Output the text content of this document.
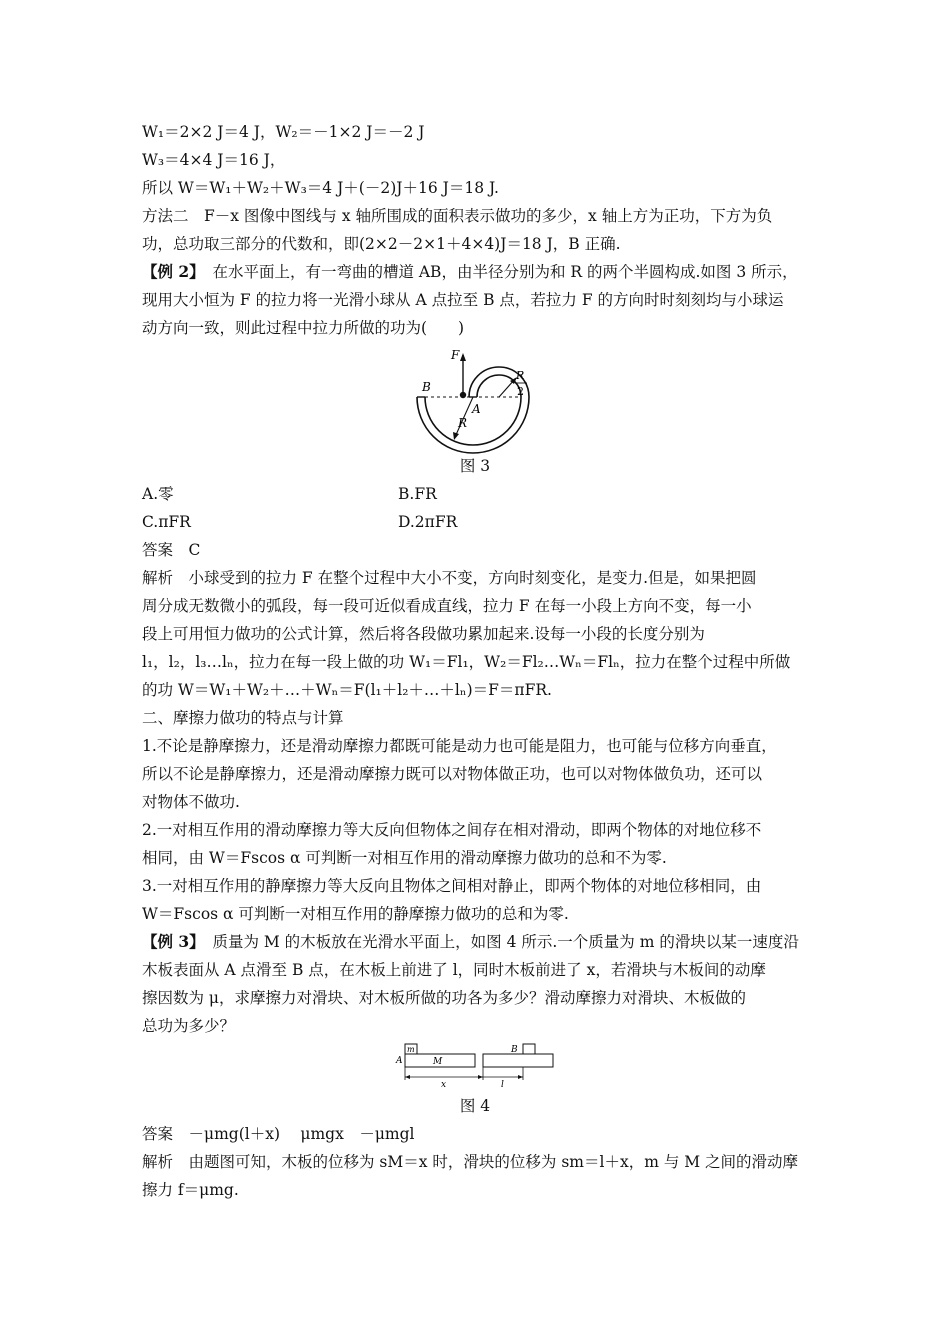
W₁＝2×2 J＝4 J，W₂＝－1×2 J＝－2 J
W₃＝4×4 J＝16 J，
所以 W＝W₁＋W₂＋W₃＝4 J＋(－2)J＋16 J＝18 J.
方法二　F－x 图像中图线与 x 轴所围成的面积表示做功的多少，x 轴上方为正功，下方为负
功，总功取三部分的代数和，即(2×2－2×1＋4×4)J＝18 J，B 正确.
【例 2】　在水平面上，有一弯曲的槽道 AB，由半径分别为和 R 的两个半圆构成.如图 3 所示，
现用大小恒为 F 的拉力将一光滑小球从 A 点拉至 B 点，若拉力 F 的方向时时刻刻均与小球运
动方向一致，则此过程中拉力所做的功为(　　)
F
B
A
R
R
2
图 3
A.零	B.FR
C.πFR	D.2πFR
答案　C
解析　小球受到的拉力 F 在整个过程中大小不变，方向时刻变化，是变力.但是，如果把圆
周分成无数微小的弧段，每一段可近似看成直线，拉力 F 在每一小段上方向不变，每一小
段上可用恒力做功的公式计算，然后将各段做功累加起来.设每一小段的长度分别为
l₁，l₂，l₃…lₙ，拉力在每一段上做的功 W₁＝Fl₁，W₂＝Fl₂…Wₙ＝Flₙ，拉力在整个过程中所做
的功 W＝W₁＋W₂＋…＋Wₙ＝F(l₁＋l₂＋…＋lₙ)＝F＝πFR.
二、摩擦力做功的特点与计算
1.不论是静摩擦力，还是滑动摩擦力都既可能是动力也可能是阻力，也可能与位移方向垂直，
所以不论是静摩擦力，还是滑动摩擦力既可以对物体做正功，也可以对物体做负功，还可以
对物体不做功.
2.一对相互作用的滑动摩擦力等大反向但物体之间存在相对滑动，即两个物体的对地位移不
相同，由 W＝Fscos α 可判断一对相互作用的滑动摩擦力做功的总和不为零.
3.一对相互作用的静摩擦力等大反向且物体之间相对静止，即两个物体的对地位移相同，由
W＝Fscos α 可判断一对相互作用的静摩擦力做功的总和为零.
【例 3】　质量为 M 的木板放在光滑水平面上，如图 4 所示.一个质量为 m 的滑块以某一速度沿
木板表面从 A 点滑至 B 点，在木板上前进了 l，同时木板前进了 x，若滑块与木板间的动摩
擦因数为 μ，求摩擦力对滑块、对木板所做的功各为多少？滑动摩擦力对滑块、木板做的
总功为多少？
A
m
M
B
x	l
图 4
答案　－μmg(l＋x)　 μmgx　－μmgl
解析　由题图可知，木板的位移为 sM＝x 时，滑块的位移为 sm＝l＋x，m 与 M 之间的滑动摩
擦力 f＝μmg.
